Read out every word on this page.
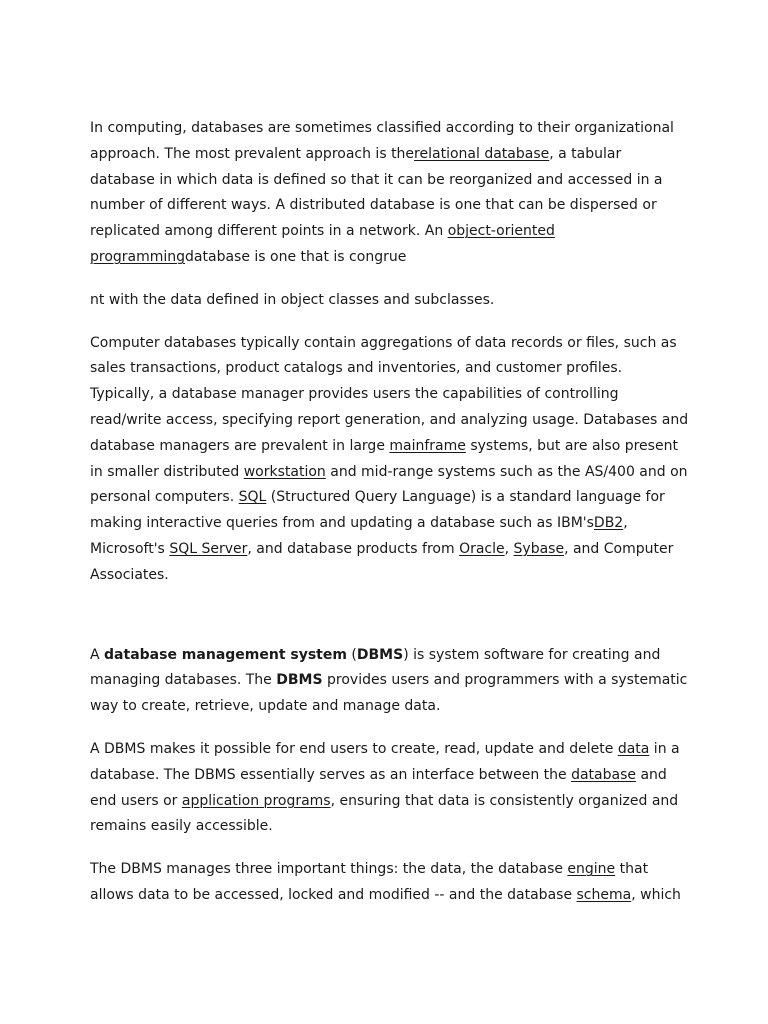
In computing, databases are sometimes classified according to their organizational approach. The most prevalent approach is therelational database, a tabular database in which data is defined so that it can be reorganized and accessed in a number of different ways. A distributed database is one that can be dispersed or replicated among different points in a network. An object-oriented
programmingdatabase is one that is congrue

nt with the data defined in object classes and subclasses.

Computer databases typically contain aggregations of data records or files, such as sales transactions, product catalogs and inventories, and customer profiles. Typically, a database manager provides users the capabilities of controlling read/write access, specifying report generation, and analyzing usage. Databases and database managers are prevalent in large mainframe systems, but are also present in smaller distributed workstation and mid-range systems such as the AS/400 and on personal computers. SQL (Structured Query Language) is a standard language for making interactive queries from and updating a database such as IBM'sDB2, Microsoft's SQL Server, and database products from Oracle, Sybase, and Computer Associates.

A database management system (DBMS) is system software for creating and managing databases. The DBMS provides users and programmers with a systematic way to create, retrieve, update and manage data.

A DBMS makes it possible for end users to create, read, update and delete data in a database. The DBMS essentially serves as an interface between the database and end users or application programs, ensuring that data is consistently organized and remains easily accessible.

The DBMS manages three important things: the data, the database engine that allows data to be accessed, locked and modified -- and the database schema, which
